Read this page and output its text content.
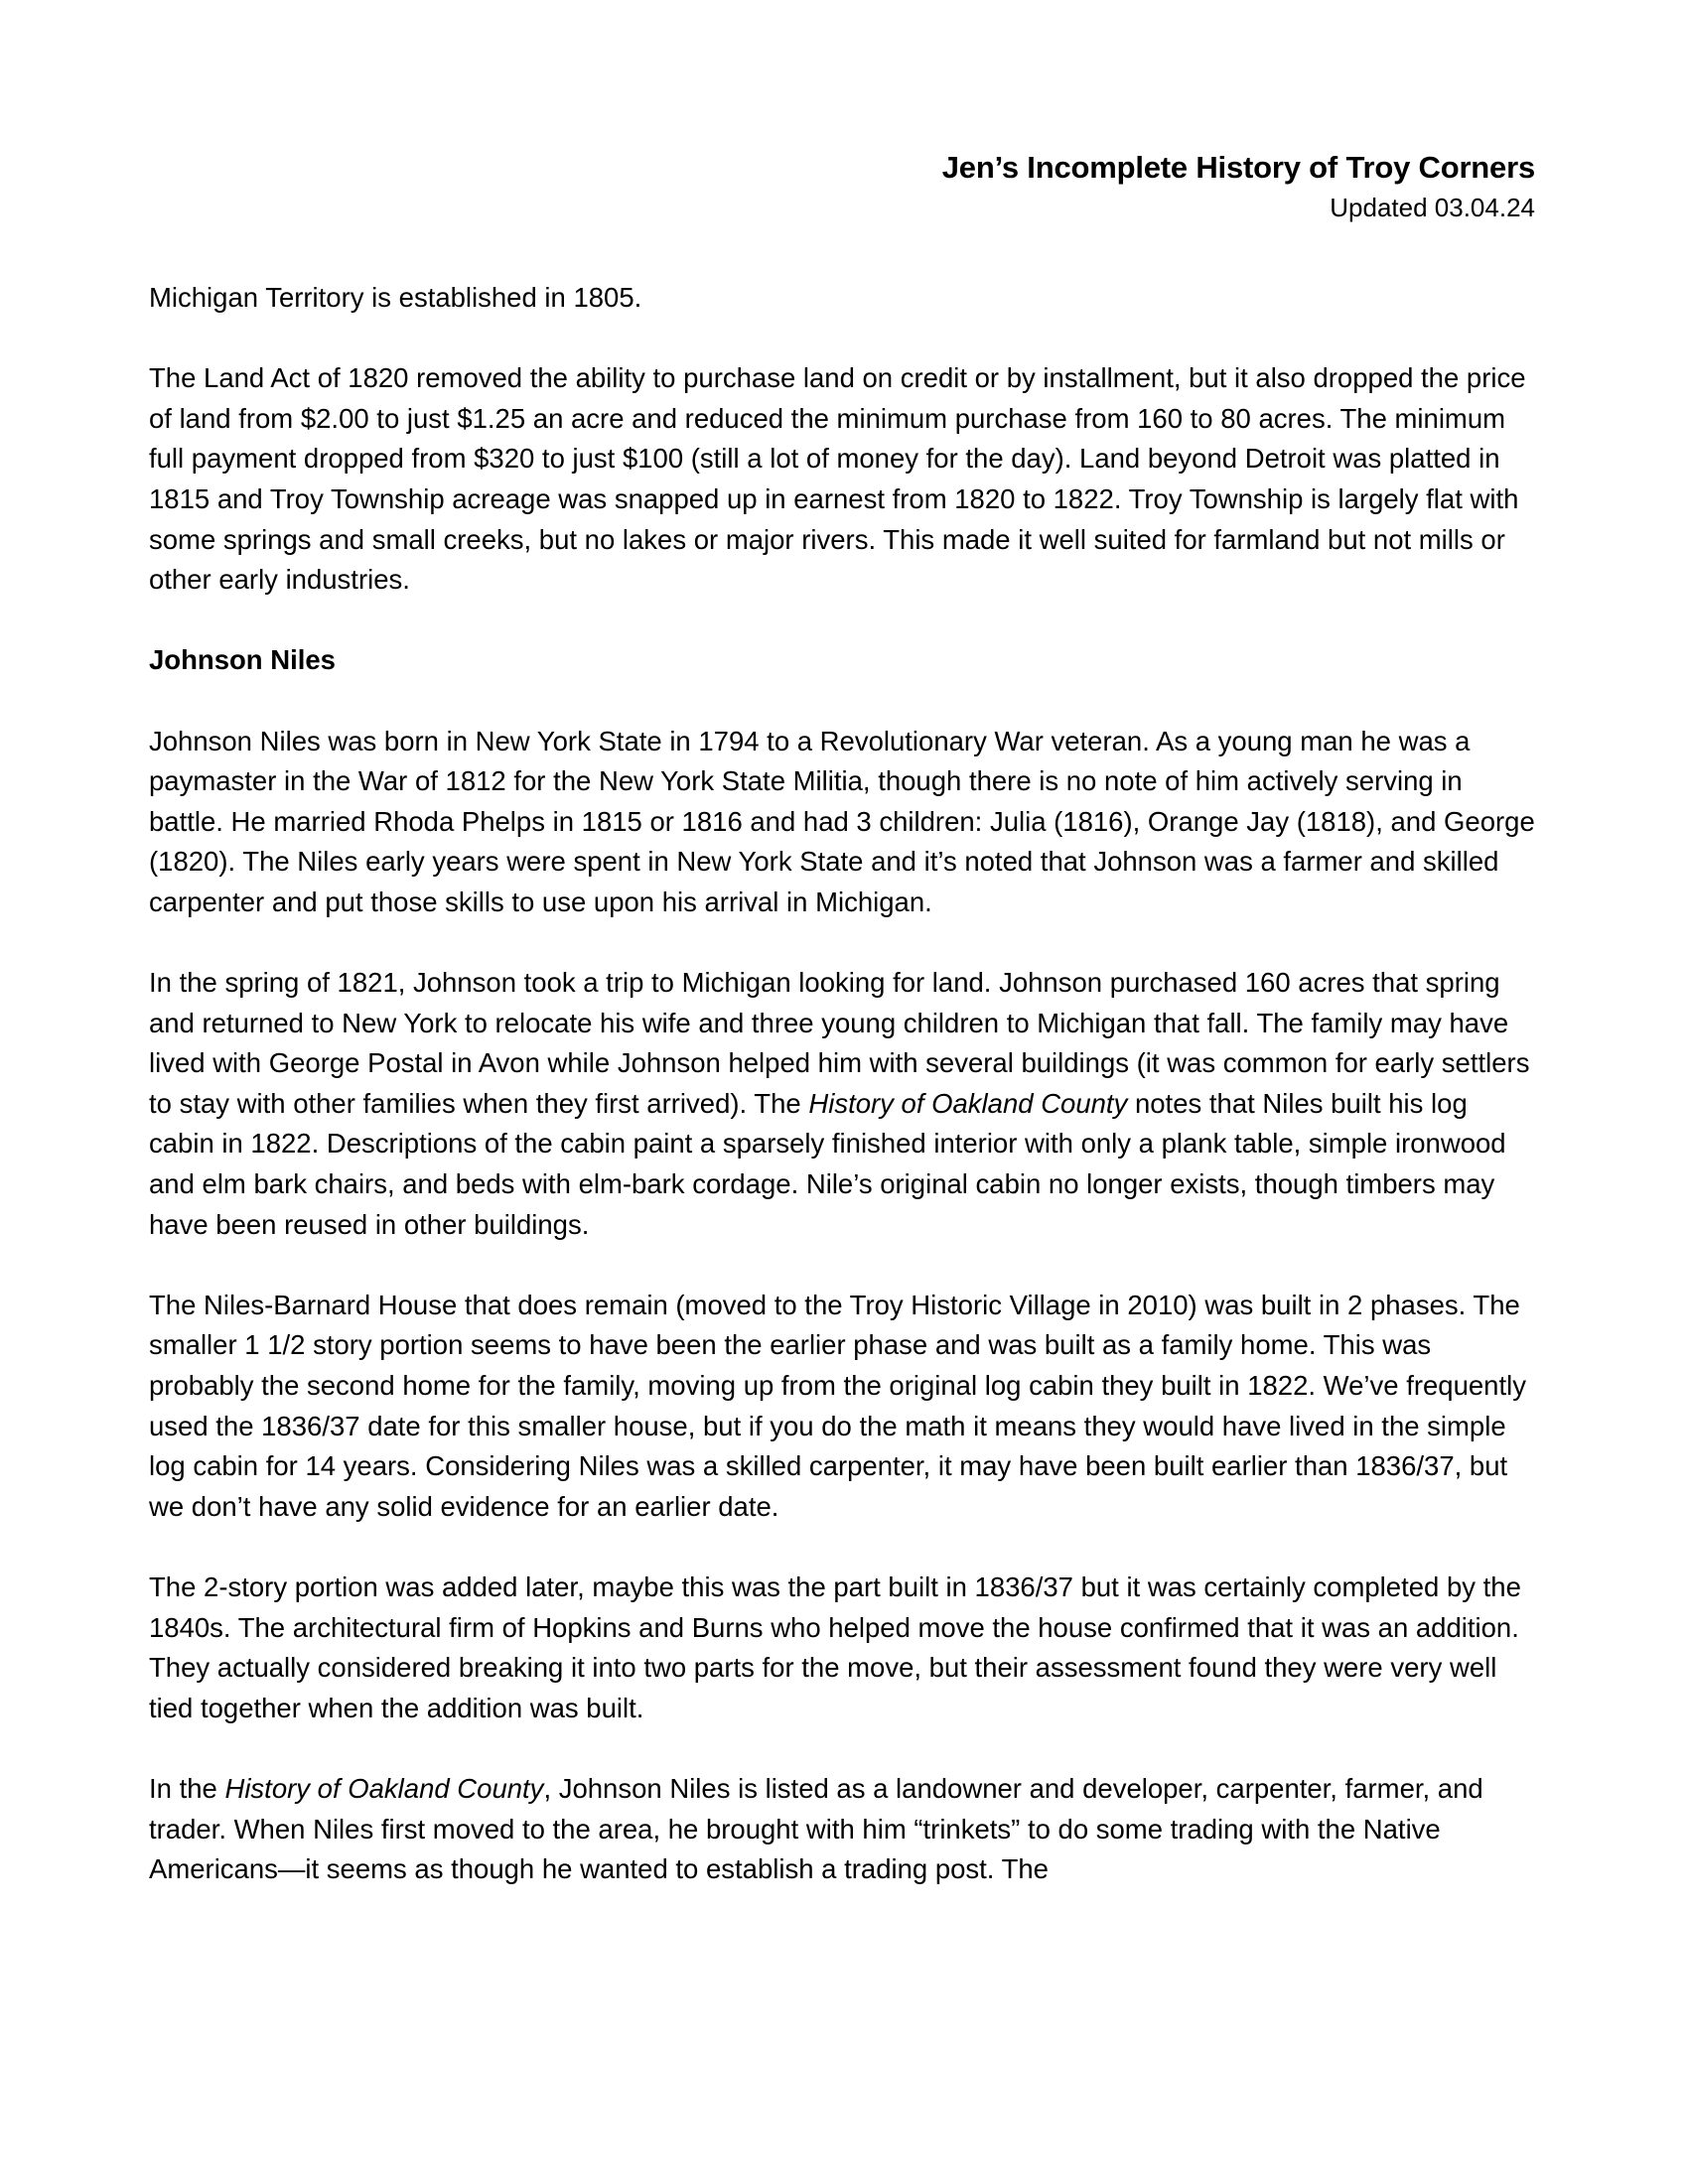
Jen’s Incomplete History of Troy Corners
Updated 03.04.24

Michigan Territory is established in 1805.

The Land Act of 1820 removed the ability to purchase land on credit or by installment, but it also dropped the price of land from $2.00 to just $1.25 an acre and reduced the minimum purchase from 160 to 80 acres. The minimum full payment dropped from $320 to just $100 (still a lot of money for the day). Land beyond Detroit was platted in 1815 and Troy Township acreage was snapped up in earnest from 1820 to 1822. Troy Township is largely flat with some springs and small creeks, but no lakes or major rivers. This made it well suited for farmland but not mills or other early industries.

Johnson Niles

Johnson Niles was born in New York State in 1794 to a Revolutionary War veteran. As a young man he was a paymaster in the War of 1812 for the New York State Militia, though there is no note of him actively serving in battle. He married Rhoda Phelps in 1815 or 1816 and had 3 children: Julia (1816), Orange Jay (1818), and George (1820). The Niles early years were spent in New York State and it’s noted that Johnson was a farmer and skilled carpenter and put those skills to use upon his arrival in Michigan.

In the spring of 1821, Johnson took a trip to Michigan looking for land. Johnson purchased 160 acres that spring and returned to New York to relocate his wife and three young children to Michigan that fall. The family may have lived with George Postal in Avon while Johnson helped him with several buildings (it was common for early settlers to stay with other families when they first arrived). The History of Oakland County notes that Niles built his log cabin in 1822. Descriptions of the cabin paint a sparsely finished interior with only a plank table, simple ironwood and elm bark chairs, and beds with elm-bark cordage. Nile’s original cabin no longer exists, though timbers may have been reused in other buildings.

The Niles-Barnard House that does remain (moved to the Troy Historic Village in 2010) was built in 2 phases. The smaller 1 1/2 story portion seems to have been the earlier phase and was built as a family home. This was probably the second home for the family, moving up from the original log cabin they built in 1822. We’ve frequently used the 1836/37 date for this smaller house, but if you do the math it means they would have lived in the simple log cabin for 14 years. Considering Niles was a skilled carpenter, it may have been built earlier than 1836/37, but we don’t have any solid evidence for an earlier date.

The 2-story portion was added later, maybe this was the part built in 1836/37 but it was certainly completed by the 1840s. The architectural firm of Hopkins and Burns who helped move the house confirmed that it was an addition. They actually considered breaking it into two parts for the move, but their assessment found they were very well tied together when the addition was built.

In the History of Oakland County, Johnson Niles is listed as a landowner and developer, carpenter, farmer, and trader. When Niles first moved to the area, he brought with him “trinkets” to do some trading with the Native Americans—it seems as though he wanted to establish a trading post. The
